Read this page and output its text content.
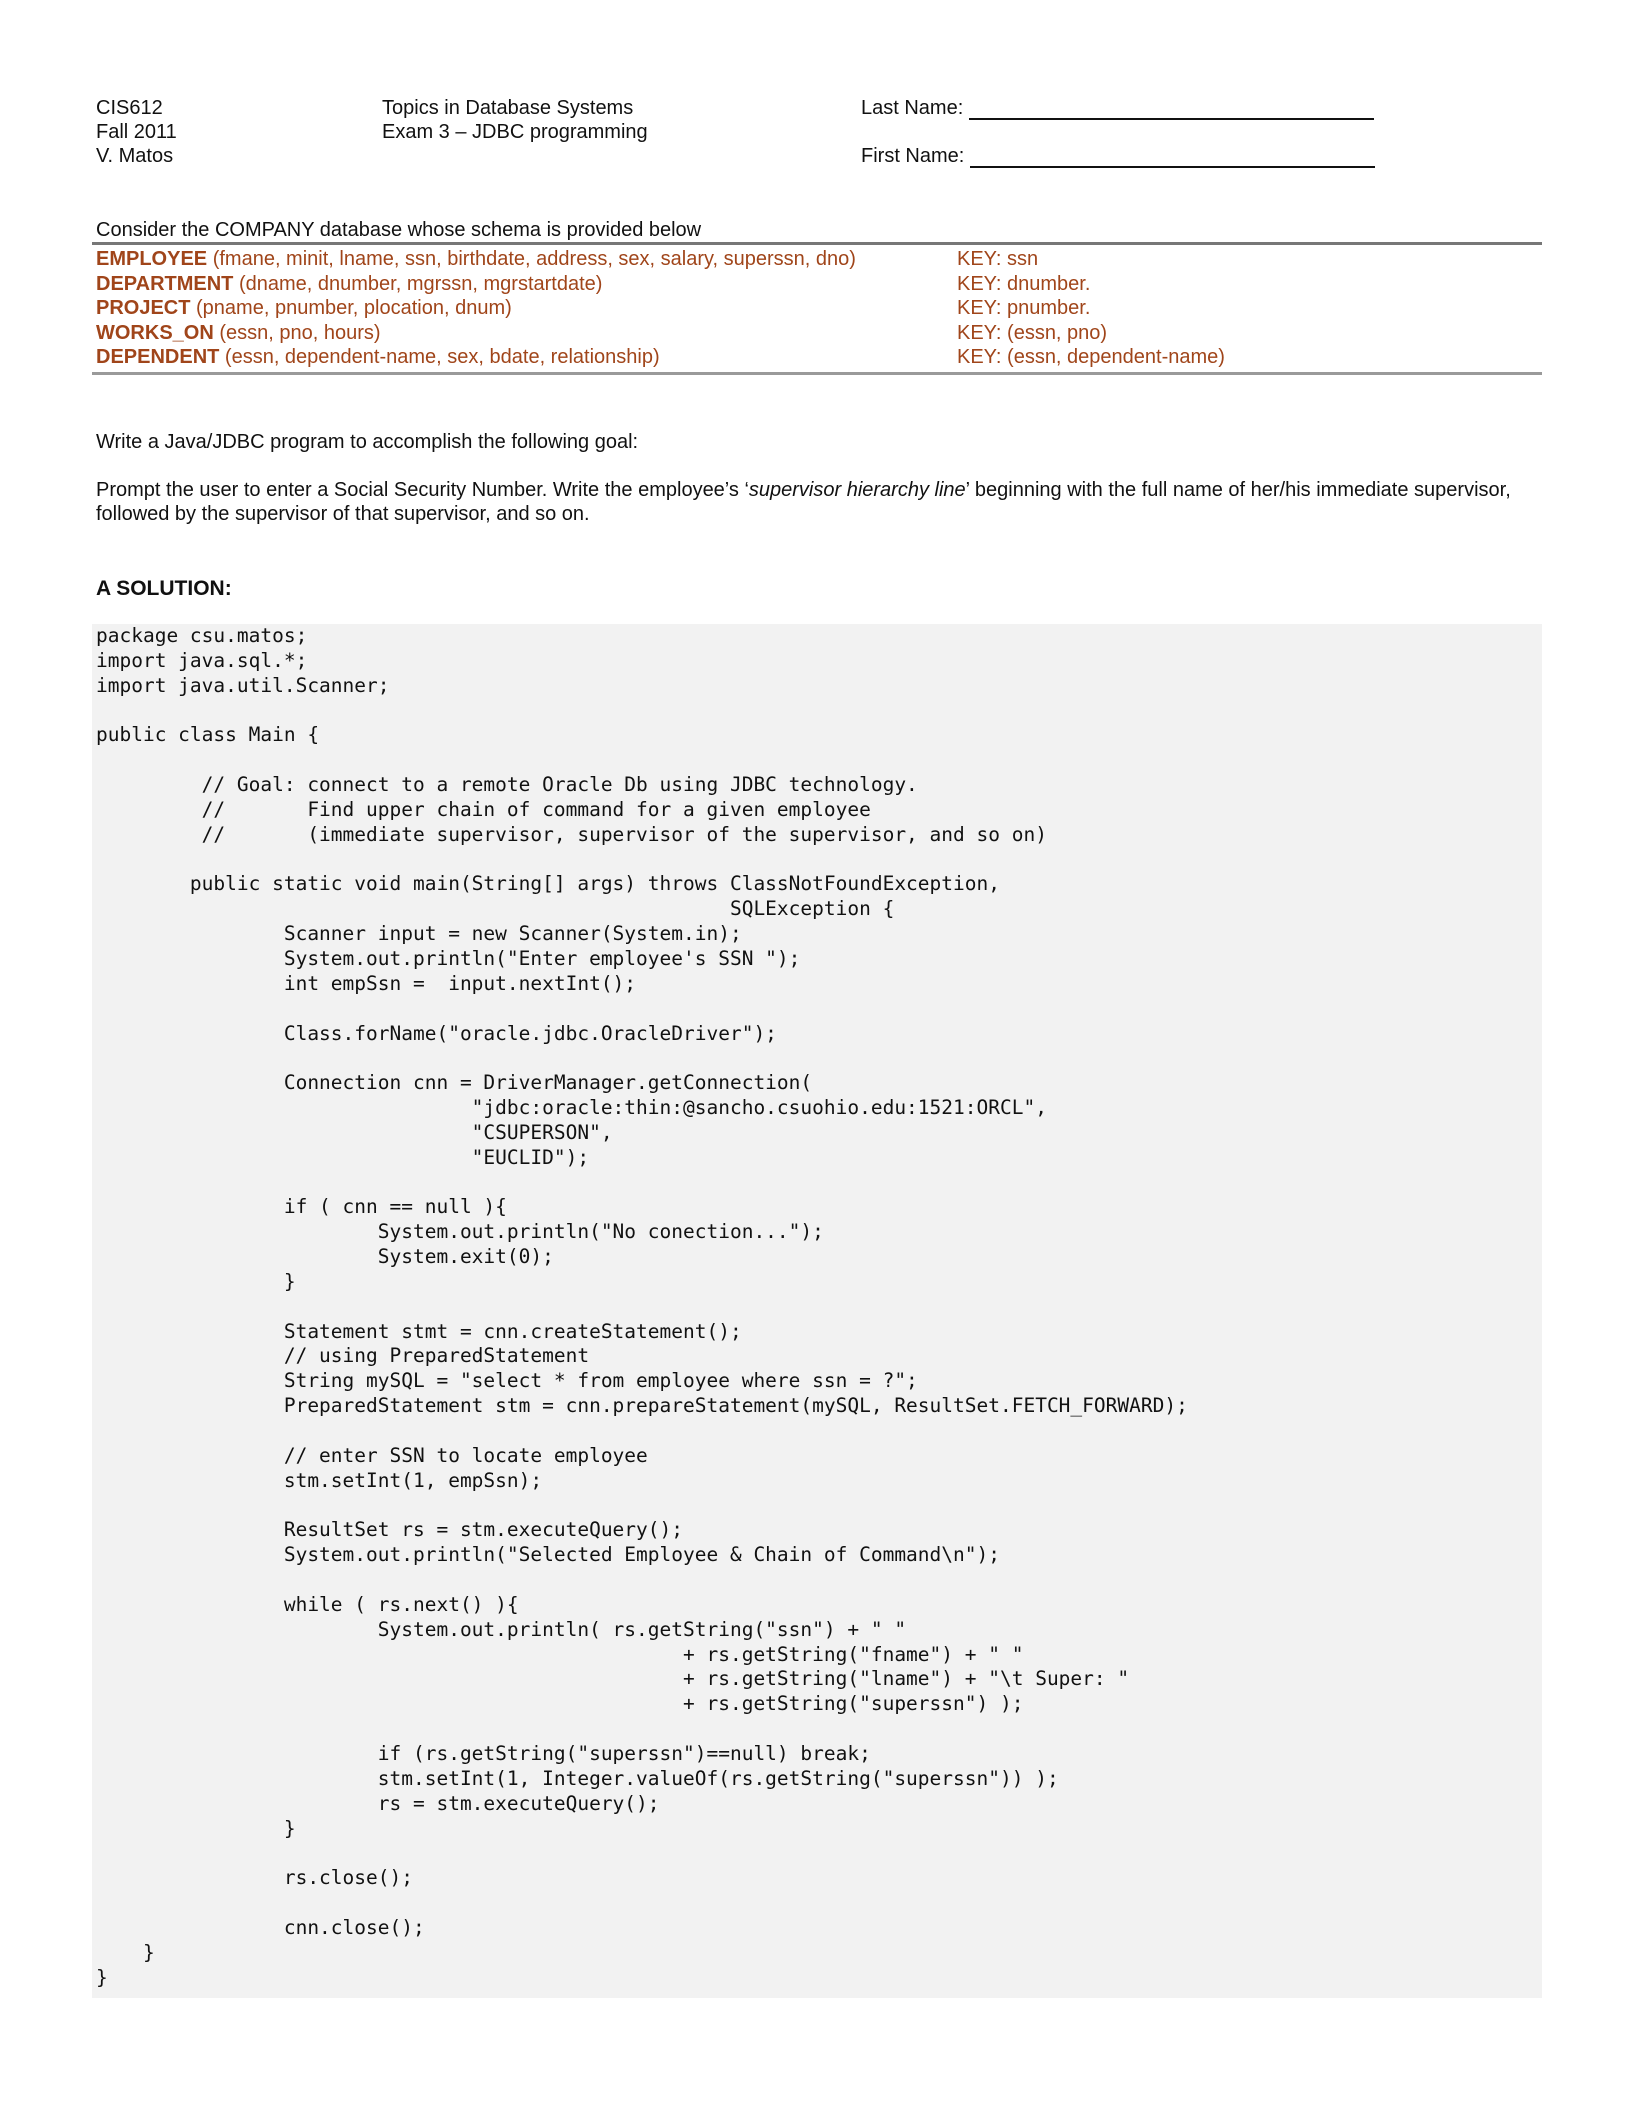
CIS612
Fall 2011
V. Matos
Topics in Database Systems
Exam 3 – JDBC programming
Last Name:
First Name:
Consider the COMPANY database whose schema is provided below
EMPLOYEE (fmane, minit, lname, ssn, birthdate, address, sex, salary, superssn, dno)	KEY: ssn
DEPARTMENT (dname, dnumber, mgrssn, mgrstartdate)	KEY: dnumber.
PROJECT (pname, pnumber, plocation, dnum)	KEY: pnumber.
WORKS_ON (essn, pno, hours)	KEY: (essn, pno)
DEPENDENT (essn, dependent-name, sex, bdate, relationship)	KEY: (essn, dependent-name)
Write a Java/JDBC program to accomplish the following goal:
Prompt the user to enter a Social Security Number. Write the employee’s ‘supervisor hierarchy line’ beginning with the full name of her/his immediate supervisor, followed by the supervisor of that supervisor, and so on.
A SOLUTION:
package csu.matos;
import java.sql.*;
import java.util.Scanner;

public class Main {

// Goal: connect to a remote Oracle Db using JDBC technology.
//       Find upper chain of command for a given employee
//       (immediate supervisor, supervisor of the supervisor, and so on)

public static void main(String[] args) throws ClassNotFoundException,
SQLException {
Scanner input = new Scanner(System.in);
System.out.println("Enter employee's SSN ");
int empSsn =  input.nextInt();

Class.forName("oracle.jdbc.OracleDriver");

Connection cnn = DriverManager.getConnection(
"jdbc:oracle:thin:@sancho.csuohio.edu:1521:ORCL",
"CSUPERSON",
"EUCLID");

if ( cnn == null ){
System.out.println("No conection...");
System.exit(0);
}

Statement stmt = cnn.createStatement();
// using PreparedStatement
String mySQL = "select * from employee where ssn = ?";
PreparedStatement stm = cnn.prepareStatement(mySQL, ResultSet.FETCH_FORWARD);

// enter SSN to locate employee
stm.setInt(1, empSsn);

ResultSet rs = stm.executeQuery();
System.out.println("Selected Employee & Chain of Command\n");

while ( rs.next() ){
System.out.println( rs.getString("ssn") + " "
+ rs.getString("fname") + " "
+ rs.getString("lname") + "\t Super: "
+ rs.getString("superssn") );

if (rs.getString("superssn")==null) break;
stm.setInt(1, Integer.valueOf(rs.getString("superssn")) );
rs = stm.executeQuery();
}

rs.close();

cnn.close();
}
}
